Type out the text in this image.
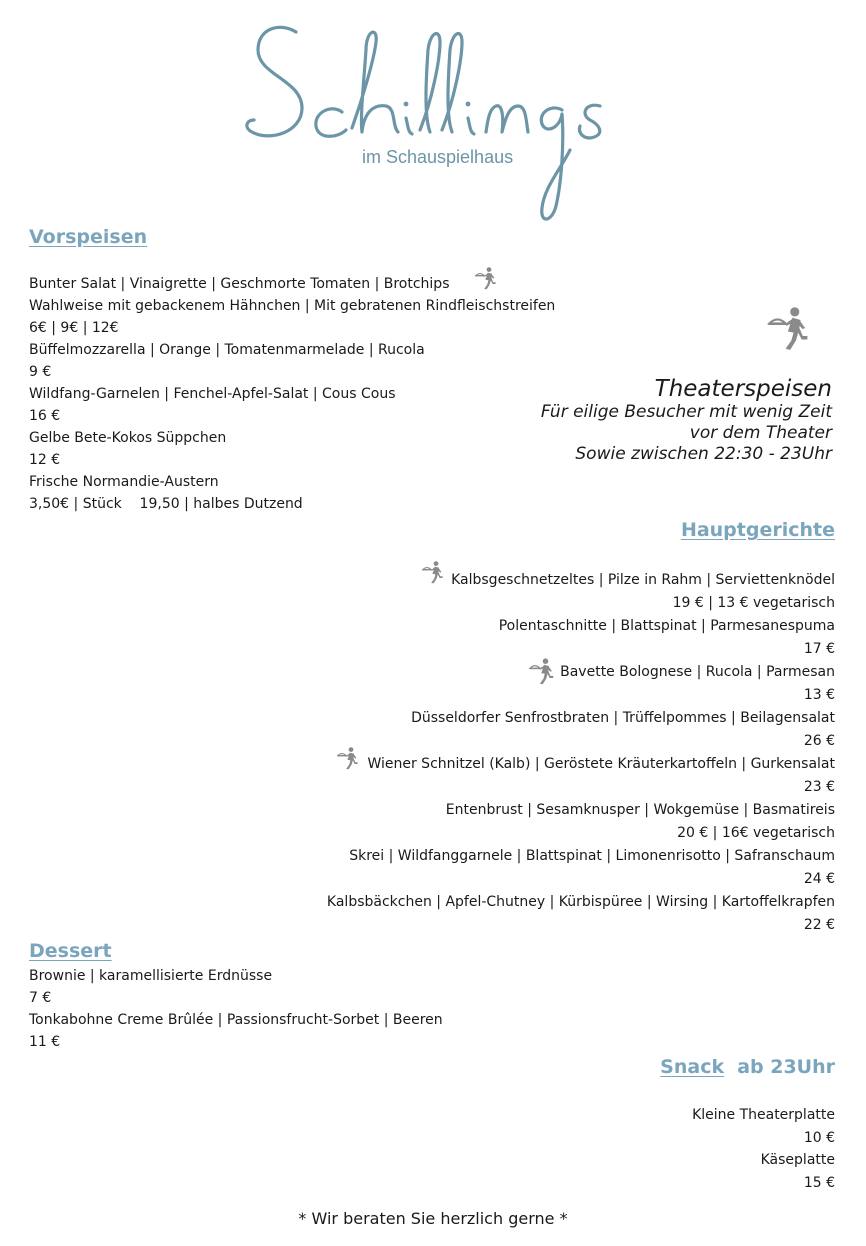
im Schauspielhaus
Vorspeisen
Bunter Salat | Vinaigrette | Geschmorte Tomaten | Brotchips
Wahlweise mit gebackenem Hähnchen | Mit gebratenen Rindfleischstreifen
6€ | 9€ | 12€
Büffelmozzarella | Orange | Tomatenmarmelade | Rucola
9 €
Wildfang-Garnelen | Fenchel-Apfel-Salat | Cous Cous
16 €
Gelbe Bete-Kokos Süppchen
12 €
Frische Normandie-Austern
3,50€ | Stück    19,50 | halbes Dutzend
Theaterspeisen
Für eilige Besucher mit wenig Zeit
vor dem Theater
Sowie zwischen 22:30 - 23Uhr
Hauptgerichte
Kalbsgeschnetzeltes | Pilze in Rahm | Serviettenknödel
19 € | 13 € vegetarisch
Polentaschnitte | Blattspinat | Parmesanespuma
17 €
Bavette Bolognese | Rucola | Parmesan
13 €
Düsseldorfer Senfrostbraten | Trüffelpommes | Beilagensalat
26 €
Wiener Schnitzel (Kalb) | Geröstete Kräuterkartoffeln | Gurkensalat
23 €
Entenbrust | Sesamknusper | Wokgemüse | Basmatireis
20 € | 16€ vegetarisch
Skrei | Wildfanggarnele | Blattspinat | Limonenrisotto | Safranschaum
24 €
Kalbsbäckchen | Apfel-Chutney | Kürbispüree | Wirsing | Kartoffelkrapfen
22 €
Dessert
Brownie | karamellisierte Erdnüsse
7 €
Tonkabohne Creme Brûlée | Passionsfrucht-Sorbet | Beeren
11 €
Snack ab 23Uhr
Kleine Theaterplatte
10 €
Käseplatte
15 €
* Wir beraten Sie herzlich gerne *
